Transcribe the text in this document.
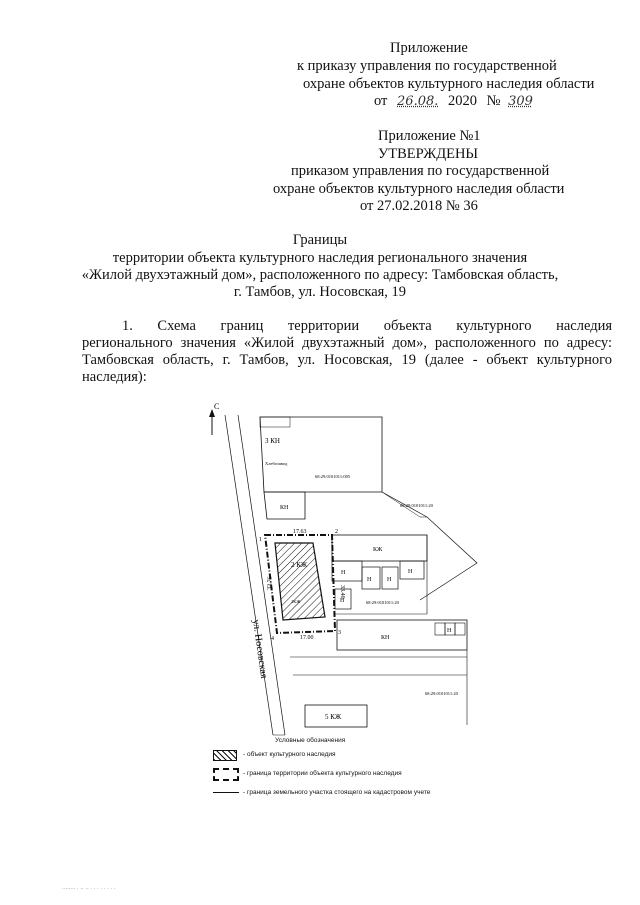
Приложение
к приказу управления по государственной
охране объектов культурного наследия области
от 26.08. 2020 № 309
Приложение №1
УТВЕРЖДЕНЫ
приказом управления по государственной
охране объектов культурного наследия области
от 27.02.2018 № 36
Границы
территории объекта культурного наследия регионального значения
«Жилой двухэтажный дом», расположенного по адресу: Тамбовская область,
г. Тамбов, ул. Носовская, 19
1. Схема границ территории объекта культурного наследия
регионального значения «Жилой двухэтажный дом», расположенного по адресу:
Тамбовская область, г. Тамбов, ул. Носовская, 19 (далее - объект культурного
наследия):
С
ул. Носовская
3 КН
Хлебозавод
68:29:0101011:005
КН	68:29:0101011:20
17.63
33.76
33.46
17.00
1
2
3
4
2 КЖ
2КЖ
КЖ
Н
Н	Н
Н
Н	68:29:0101011:20
КН
Н
68:29:0101011:20
5 КЖ
Условные обозначения
- объект культурного наследия
- граница территории объекта культурного наследия
- граница земельного участка стоящего на кадастровом учете
........ . .. .. . . . . . . . .
